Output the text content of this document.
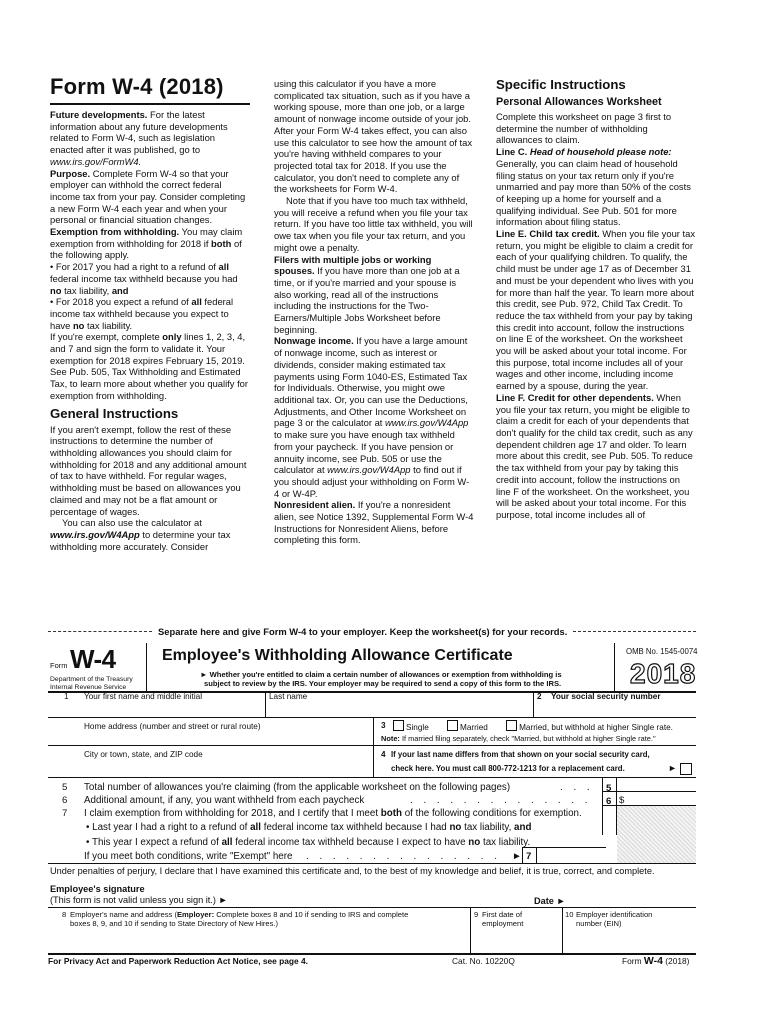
Form W-4 (2018)

Future developments. For the latest information about any future developments related to Form W-4, such as legislation enacted after it was published, go to www.irs.gov/FormW4.

Purpose. Complete Form W-4 so that your employer can withhold the correct federal income tax from your pay. Consider completing a new Form W-4 each year and when your personal or financial situation changes.

Exemption from withholding. You may claim exemption from withholding for 2018 if both of the following apply.

• For 2017 you had a right to a refund of all federal income tax withheld because you had no tax liability, and

• For 2018 you expect a refund of all federal income tax withheld because you expect to have no tax liability.

If you're exempt, complete only lines 1, 2, 3, 4, and 7 and sign the form to validate it. Your exemption for 2018 expires February 15, 2019. See Pub. 505, Tax Withholding and Estimated Tax, to learn more about whether you qualify for exemption from withholding.

General Instructions

If you aren't exempt, follow the rest of these instructions to determine the number of withholding allowances you should claim for withholding for 2018 and any additional amount of tax to have withheld. For regular wages, withholding must be based on allowances you claimed and may not be a flat amount or percentage of wages.

You can also use the calculator at www.irs.gov/W4App to determine your tax withholding more accurately. Consider

using this calculator if you have a more complicated tax situation, such as if you have a working spouse, more than one job, or a large amount of nonwage income outside of your job. After your Form W-4 takes effect, you can also use this calculator to see how the amount of tax you're having withheld compares to your projected total tax for 2018. If you use the calculator, you don't need to complete any of the worksheets for Form W-4.

Note that if you have too much tax withheld, you will receive a refund when you file your tax return. If you have too little tax withheld, you will owe tax when you file your tax return, and you might owe a penalty.

Filers with multiple jobs or working spouses. If you have more than one job at a time, or if you're married and your spouse is also working, read all of the instructions including the instructions for the Two-Earners/Multiple Jobs Worksheet before beginning.

Nonwage income. If you have a large amount of nonwage income, such as interest or dividends, consider making estimated tax payments using Form 1040-ES, Estimated Tax for Individuals. Otherwise, you might owe additional tax. Or, you can use the Deductions, Adjustments, and Other Income Worksheet on page 3 or the calculator at www.irs.gov/W4App to make sure you have enough tax withheld from your paycheck. If you have pension or annuity income, see Pub. 505 or use the calculator at www.irs.gov/W4App to find out if you should adjust your withholding on Form W-4 or W-4P.

Nonresident alien. If you're a nonresident alien, see Notice 1392, Supplemental Form W-4 Instructions for Nonresident Aliens, before completing this form.

Specific Instructions
Personal Allowances Worksheet

Complete this worksheet on page 3 first to determine the number of withholding allowances to claim.

Line C. Head of household please note: Generally, you can claim head of household filing status on your tax return only if you're unmarried and pay more than 50% of the costs of keeping up a home for yourself and a qualifying individual. See Pub. 501 for more information about filing status.

Line E. Child tax credit. When you file your tax return, you might be eligible to claim a credit for each of your qualifying children. To qualify, the child must be under age 17 as of December 31 and must be your dependent who lives with you for more than half the year. To learn more about this credit, see Pub. 972, Child Tax Credit. To reduce the tax withheld from your pay by taking this credit into account, follow the instructions on line E of the worksheet. On the worksheet you will be asked about your total income. For this purpose, total income includes all of your wages and other income, including income earned by a spouse, during the year.

Line F. Credit for other dependents. When you file your tax return, you might be eligible to claim a credit for each of your dependents that don't qualify for the child tax credit, such as any dependent children age 17 and older. To learn more about this credit, see Pub. 505. To reduce the tax withheld from your pay by taking this credit into account, follow the instructions on line F of the worksheet. On the worksheet, you will be asked about your total income. For this purpose, total income includes all of

Separate here and give Form W-4 to your employer. Keep the worksheet(s) for your records.
Form W-4
Department of the Treasury
Internal Revenue Service
Employee's Withholding Allowance Certificate
► Whether you're entitled to claim a certain number of allowances or exemption from withholding is
subject to review by the IRS. Your employer may be required to send a copy of this form to the IRS.
OMB No. 1545-0074
2018
1 Your first name and middle initial	Last name	2 Your social security number
Home address (number and street or rural route)	3	Single	Married	Married, but withhold at higher Single rate.
Note: If married filing separately, check "Married, but withhold at higher Single rate."
City or town, state, and ZIP code	4 If your last name differs from that shown on your social security card,
check here. You must call 800-772-1213 for a replacement card.	►
5 Total number of allowances you're claiming (from the applicable worksheet on the following pages)	. . . 5
6 Additional amount, if any, you want withheld from each paycheck	. . . . . . . . . . . . . . 6 $
7 I claim exemption from withholding for 2018, and I certify that I meet both of the following conditions for exemption.
• Last year I had a right to a refund of all federal income tax withheld because I had no tax liability, and
• This year I expect a refund of all federal income tax withheld because I expect to have no tax liability.
If you meet both conditions, write "Exempt" here . . . . . . . . . . . . . . . ► 7
Under penalties of perjury, I declare that I have examined this certificate and, to the best of my knowledge and belief, it is true, correct, and complete.
Employee's signature
(This form is not valid unless you sign it.) ►	Date ►
8 Employer's name and address (Employer: Complete boxes 8 and 10 if sending to IRS and complete
boxes 8, 9, and 10 if sending to State Directory of New Hires.)
9 First date of
employment
10 Employer identification
number (EIN)
For Privacy Act and Paperwork Reduction Act Notice, see page 4.	Cat. No. 10220Q	Form W-4 (2018)
